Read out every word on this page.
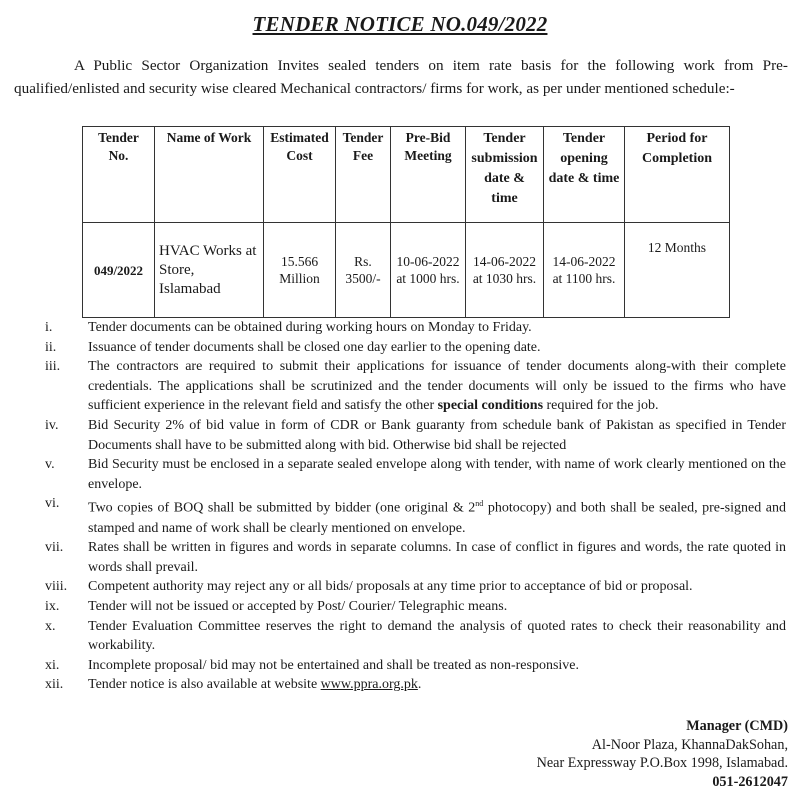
TENDER NOTICE NO.049/2022
A Public Sector Organization Invites sealed tenders on item rate basis for the following work from Pre-qualified/enlisted and security wise cleared Mechanical contractors/ firms for work, as per under mentioned schedule:-
Tender No.	Name of Work	Estimated Cost	Tender Fee	Pre-Bid Meeting	Tender submission date & time	Tender opening date & time	Period for Completion
049/2022	HVAC Works at Store, Islamabad	15.566 Million	Rs. 3500/-	10-06-2022 at 1000 hrs.	14-06-2022 at 1030 hrs.	14-06-2022 at 1100 hrs.	12 Months
i.	Tender documents can be obtained during working hours on Monday to Friday.
ii.	Issuance of tender documents shall be closed one day earlier to the opening date.
iii.	The contractors are required to submit their applications for issuance of tender documents along-with their complete credentials. The applications shall be scrutinized and the tender documents will only be issued to the firms who have sufficient experience in the relevant field and satisfy the other special conditions required for the job.
iv.	Bid Security 2% of bid value in form of CDR or Bank guaranty from schedule bank of Pakistan as specified in Tender Documents shall have to be submitted along with bid. Otherwise bid shall be rejected
v.	Bid Security must be enclosed in a separate sealed envelope along with tender, with name of work clearly mentioned on the envelope.
vi.	Two copies of BOQ shall be submitted by bidder (one original & 2nd photocopy) and both shall be sealed, pre-signed and stamped and name of work shall be clearly mentioned on envelope.
vii.	Rates shall be written in figures and words in separate columns. In case of conflict in figures and words, the rate quoted in words shall prevail.
viii.	Competent authority may reject any or all bids/ proposals at any time prior to acceptance of bid or proposal.
ix.	Tender will not be issued or accepted by Post/ Courier/ Telegraphic means.
x.	Tender Evaluation Committee reserves the right to demand the analysis of quoted rates to check their reasonability and workability.
xi.	Incomplete proposal/ bid may not be entertained and shall be treated as non-responsive.
xii.	Tender notice is also available at website www.ppra.org.pk.
Manager (CMD)
Al-Noor Plaza, KhannaDakSohan,
Near Expressway P.O.Box 1998, Islamabad.
051-2612047
